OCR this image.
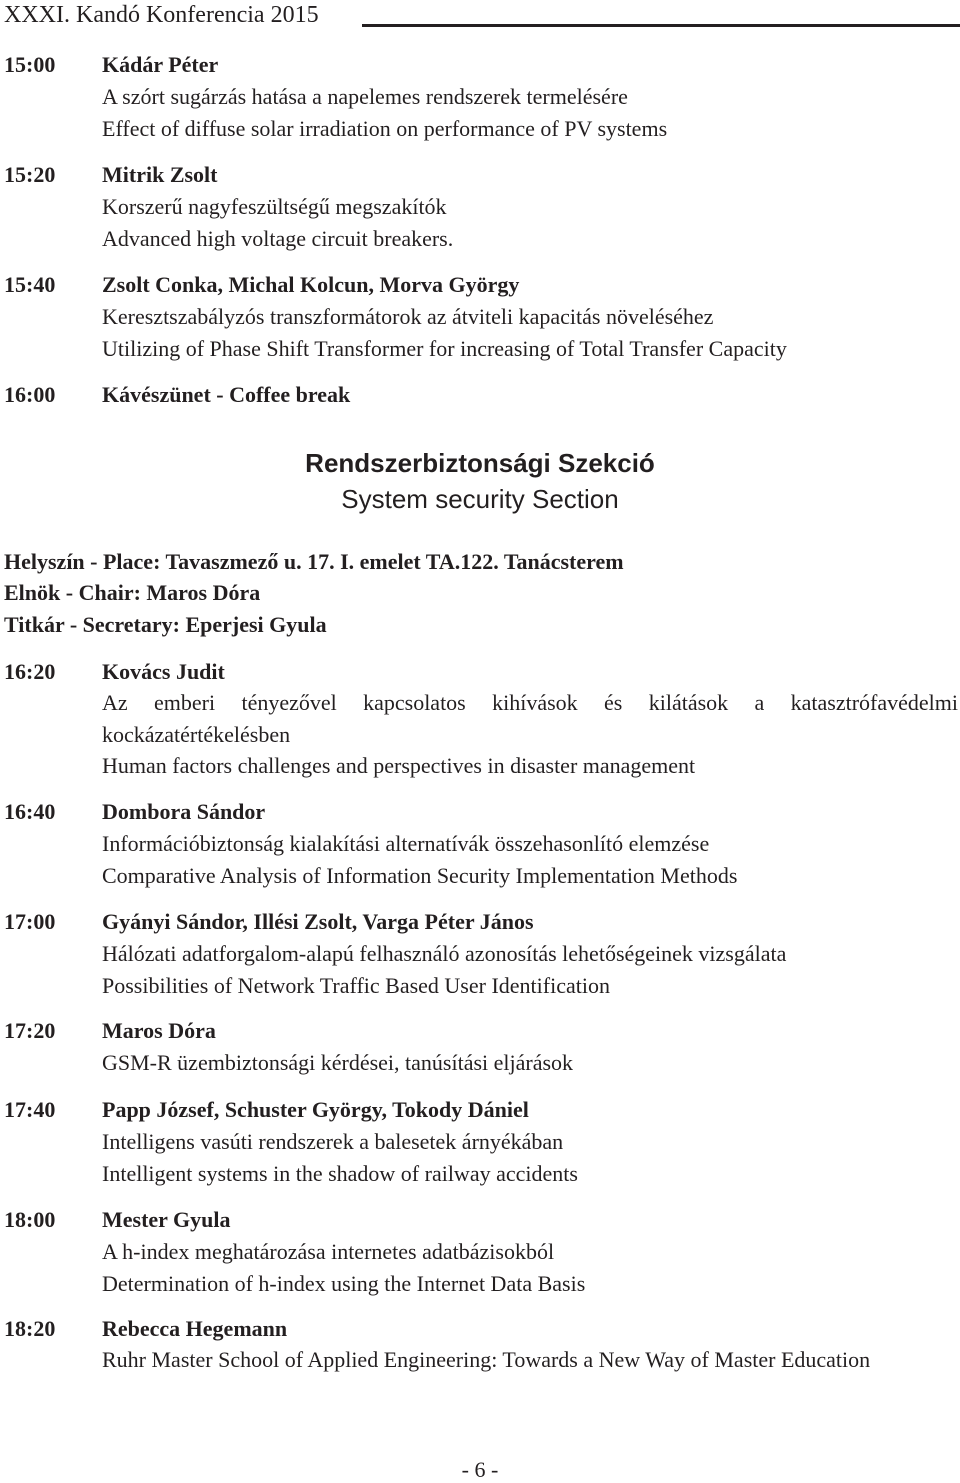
XXXI. Kandó Konferencia 2015
15:00 Kádár Péter
A szórt sugárzás hatása a napelemes rendszerek termelésére
Effect of diffuse solar irradiation on performance of PV systems
15:20 Mitrik Zsolt
Korszerű nagyfeszültségű megszakítók
Advanced high voltage circuit breakers.
15:40 Zsolt Conka, Michal Kolcun, Morva György
Keresztszabályzós transzformátorok az átviteli kapacitás növeléséhez
Utilizing of Phase Shift Transformer for increasing of Total Transfer Capacity
16:00 Kávészünet - Coffee break
Rendszerbiztonsági Szekció
System security Section
Helyszín - Place: Tavaszmező u. 17. I. emelet TA.122. Tanácsterem
Elnök - Chair: Maros Dóra
Titkár - Secretary: Eperjesi Gyula
16:20 Kovács Judit
Az emberi tényezővel kapcsolatos kihívások és kilátások a katasztrófavédelmi kockázatértékelésben
Human factors challenges and perspectives in disaster management
16:40 Dombora Sándor
Információbiztonság kialakítási alternatívák összehasonlító elemzése
Comparative Analysis of Information Security Implementation Methods
17:00 Gyányi Sándor, Illési Zsolt, Varga Péter János
Hálózati adatforgalom-alapú felhasználó azonosítás lehetőségeinek vizsgálata
Possibilities of Network Traffic Based User Identification
17:20 Maros Dóra
GSM-R üzembiztonsági kérdései, tanúsítási eljárások
17:40 Papp József, Schuster György, Tokody Dániel
Intelligens vasúti rendszerek a balesetek árnyékában
Intelligent systems in the shadow of railway accidents
18:00 Mester Gyula
A h-index meghatározása internetes adatbázisokból
Determination of h-index using the Internet Data Basis
18:20 Rebecca Hegemann
Ruhr Master School of Applied Engineering: Towards a New Way of Master Education
- 6 -
